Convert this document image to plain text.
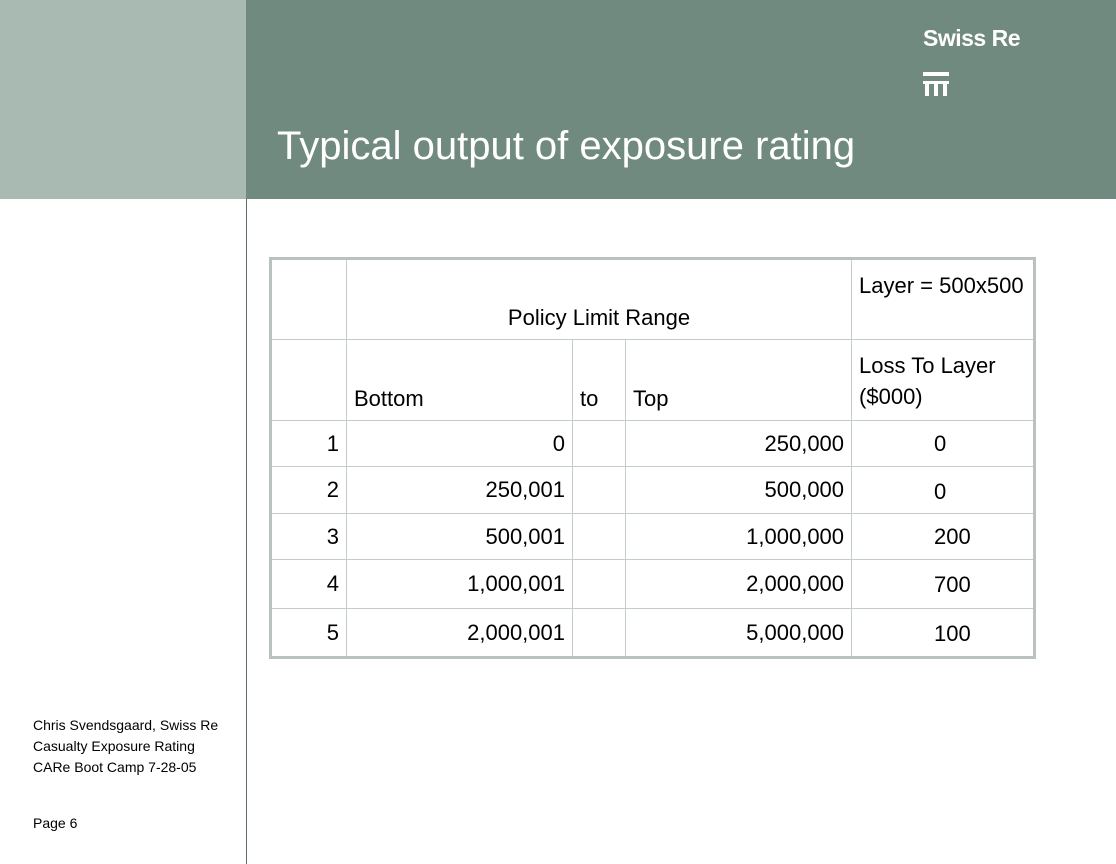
Swiss Re
Typical output of exposure rating
	Policy Limit Range			Layer = 500x500
	Bottom	to	Top	Loss To Layer ($000)
1	0		250,000	0
2	250,001		500,000	0
3	500,001		1,000,000	200
4	1,000,001		2,000,000	700
5	2,000,001		5,000,000	100
Chris Svendsgaard, Swiss Re
Casualty Exposure Rating
CARe Boot Camp 7-28-05
Page 6
